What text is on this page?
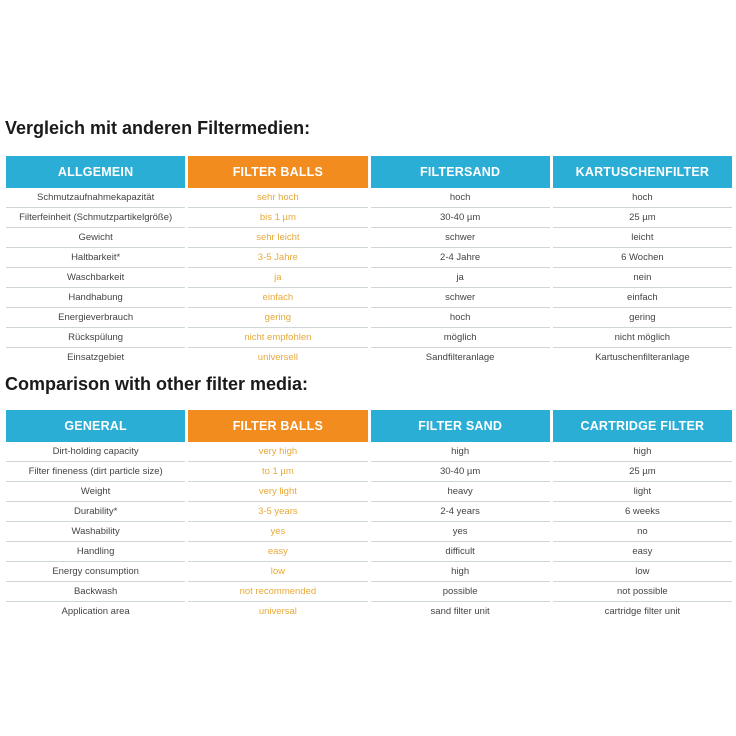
Vergleich mit anderen Filtermedien:
ALLGEMEIN	FILTER BALLS	FILTERSAND	KARTUSCHENFILTER
Schmutzaufnahmekapazität	sehr hoch	hoch	hoch
Filterfeinheit (Schmutzpartikelgröße)	bis 1 µm	30-40 µm	25 µm
Gewicht	sehr leicht	schwer	leicht
Haltbarkeit*	3-5 Jahre	2-4 Jahre	6 Wochen
Waschbarkeit	ja	ja	nein
Handhabung	einfach	schwer	einfach
Energieverbrauch	gering	hoch	gering
Rückspülung	nicht empfohlen	möglich	nicht möglich
Einsatzgebiet	universell	Sandfilteranlage	Kartuschenfilteranlage
Comparison with other filter media:
GENERAL	FILTER BALLS	FILTER SAND	CARTRIDGE FILTER
Dirt-holding capacity	very high	high	high
Filter fineness (dirt particle size)	to 1 µm	30-40 µm	25 µm
Weight	very light	heavy	light
Durability*	3-5 years	2-4 years	6 weeks
Washability	yes	yes	no
Handling	easy	difficult	easy
Energy consumption	low	high	low
Backwash	not recommended	possible	not possible
Application area	universal	sand filter unit	cartridge filter unit
